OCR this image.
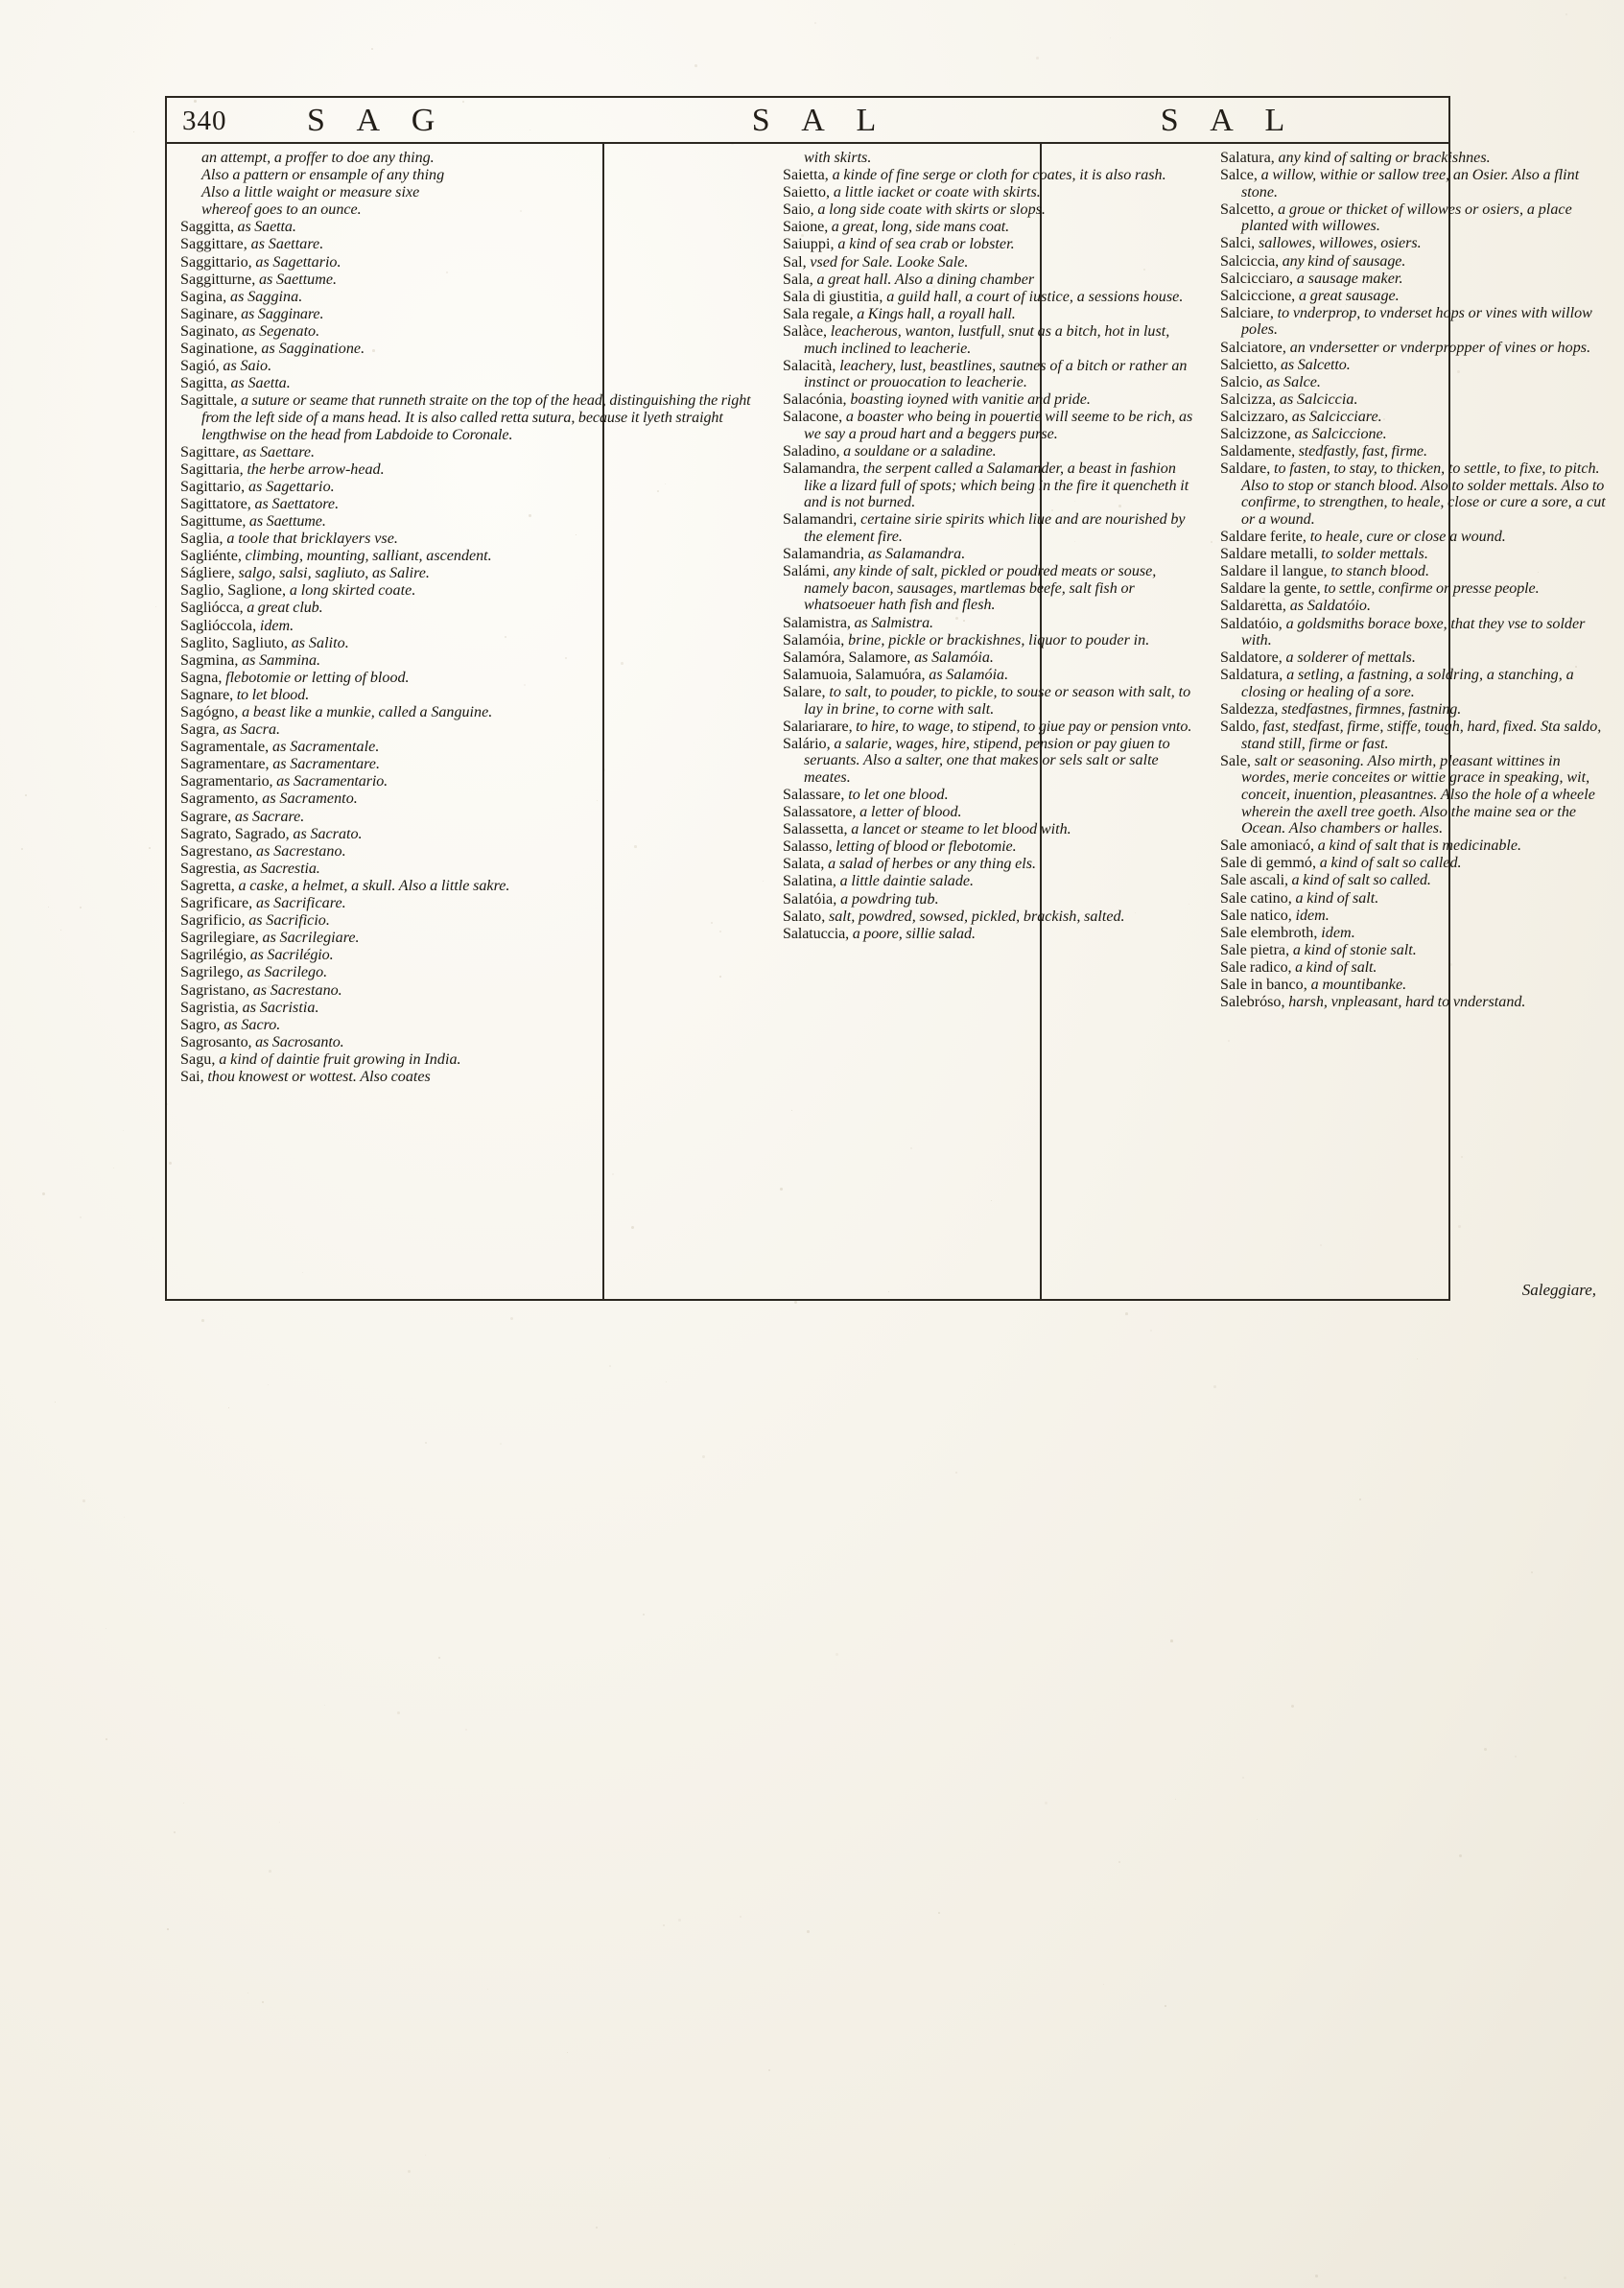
340	S A G	S A L	S A L

an attempt, a proffer to doe any thing.

Also a pattern or ensample of any thing

Also a little waight or measure sixe

whereof goes to an ounce.

Saggitta, as Saetta.

Saggittare, as Saettare.

Saggittario, as Sagettario.

Saggitturne, as Saettume.

Sagina, as Saggina.

Saginare, as Sagginare.

Saginato, as Segenato.

Saginatione, as Sagginatione.

Sagió, as Saio.

Sagitta, as Saetta.

Sagittale, a suture or seame that runneth straite on the top of the head, distinguishing the right from the left side of a mans head. It is also called retta sutura, because it lyeth straight lengthwise on the head from Labdoide to Coronale.

Sagittare, as Saettare.

Sagittaria, the herbe arrow-head.

Sagittario, as Sagettario.

Sagittatore, as Saettatore.

Sagittume, as Saettume.

Saglia, a toole that bricklayers vse.

Sagliénte, climbing, mounting, salliant, ascendent.

Ságliere, salgo, salsi, sagliuto, as Salire.

Saglio, Saglione, a long skirted coate.

Saglióccа, a great club.

Saglióccola, idem.

Saglito, Sagliuto, as Salito.

Sagmina, as Sammina.

Sagna, flebotomie or letting of blood.

Sagnare, to let blood.

Sagógno, a beast like a munkie, called a Sanguine.

Sagra, as Sacra.

Sagramentale, as Sacramentale.

Sagramentare, as Sacramentare.

Sagramentario, as Sacramentario.

Sagramento, as Sacramento.

Sagrare, as Sacrare.

Sagrato, Sagrado, as Sacrato.

Sagrestano, as Sacrestano.

Sagrestia, as Sacrestia.

Sagretta, a caske, a helmet, a skull. Also a little sakre.

Sagrificare, as Sacrificare.

Sagrificio, as Sacrificio.

Sagrilegiare, as Sacrilegiare.

Sagrilégio, as Sacrilégio.

Sagrilego, as Sacrilego.

Sagristano, as Sacrestano.

Sagristia, as Sacristia.

Sagro, as Sacro.

Sagrosanto, as Sacrosanto.

Sagu, a kind of daintie fruit growing in India.

Sai, thou knowest or wottest. Also coates

with skirts.

Saietta, a kinde of fine serge or cloth for coates, it is also rash.

Saietto, a little iacket or coate with skirts.

Saio, a long side coate with skirts or slops.

Saione, a great, long, side mans coat.

Saiuppi, a kind of sea crab or lobster.

Sal, vsed for Sale. Looke Sale.

Sala, a great hall. Also a dining chamber

Sala di giustitia, a guild hall, a court of iustice, a sessions house.

Sala regale, a Kings hall, a royall hall.

Salàce, leacherous, wanton, lustfull, snut as a bitch, hot in lust, much inclined to leacherie.

Salacità, leachery, lust, beastlines, sautnes of a bitch or rather an instinct or prouocation to leacherie.

Salacónia, boasting ioyned with vanitie and pride.

Salacone, a boaster who being in pouertie will seeme to be rich, as we say a proud hart and a beggers purse.

Saladino, a souldane or a saladine.

Salamandra, the serpent called a Salamander, a beast in fashion like a lizard full of spots; which being in the fire it quencheth it and is not burned.

Salamandri, certaine sirie spirits which liue and are nourished by the element fire.

Salamandria, as Salamandra.

Salámi, any kinde of salt, pickled or poudred meats or souse, namely bacon, sausages, martlemas beefe, salt fish or whatsoeuer hath fish and flesh.

Salamistra, as Salmistra.

Salamóia, brine, pickle or brackishnes, liquor to pouder in.

Salamóra, Salamore, as Salamóia.

Salamuoia, Salamuóra, as Salamóia.

Salare, to salt, to pouder, to pickle, to souse or season with salt, to lay in brine, to corne with salt.

Salariarare, to hire, to wage, to stipend, to giue pay or pension vnto.

Salário, a salarie, wages, hire, stipend, pension or pay giuen to seruants. Also a salter, one that makes or sels salt or salte meates.

Salassare, to let one blood.

Salassatore, a letter of blood.

Salassetta, a lancet or steame to let blood with.

Salasso, letting of blood or flebotomie.

Salata, a salad of herbes or any thing els.

Salatina, a little daintie salade.

Salatóia, a powdring tub.

Salato, salt, powdred, sowsed, pickled, brackish, salted.

Salatuccia, a poore, sillie salad.

Salatura, any kind of salting or brackishnes.

Salce, a willow, withie or sallow tree, an Osier. Also a flint stone.

Salcetto, a groue or thicket of willowes or osiers, a place planted with willowes.

Salci, sallowes, willowes, osiers.

Salciccia, any kind of sausage.

Salcicciaro, a sausage maker.

Salciccione, a great sausage.

Salciare, to vnderprop, to vnderset hops or vines with willow poles.

Salciatore, an vndersetter or vnderpropper of vines or hops.

Salcietto, as Salcetto.

Salcio, as Salce.

Salcizza, as Salciccia.

Salcizzaro, as Salcicciare.

Salcizzone, as Salciccione.

Saldamente, stedfastly, fast, firme.

Saldare, to fasten, to stay, to thicken, to settle, to fixe, to pitch. Also to stop or stanch blood. Also to solder mettals. Also to confirme, to strengthen, to heale, close or cure a sore, a cut or a wound.

Saldare ferite, to heale, cure or close a wound.

Saldare metalli, to solder mettals.

Saldare il langue, to stanch blood.

Saldare la gente, to settle, confirme or presse people.

Saldaretta, as Saldatóio.

Saldatóio, a goldsmiths borace boxe, that they vse to solder with.

Saldatore, a solderer of mettals.

Saldatura, a setling, a fastning, a soldring, a stanching, a closing or healing of a sore.

Saldezza, stedfastnes, firmnes, fastning.

Saldo, fast, stedfast, firme, stiffe, tough, hard, fixed. Sta saldo, stand still, firme or fast.

Sale, salt or seasoning. Also mirth, pleasant wittines in wordes, merie conceites or wittie grace in speaking, wit, conceit, inuention, pleasantnes. Also the hole of a wheele wherein the axell tree goeth. Also the maine sea or the Ocean. Also chambers or halles.

Sale amoniacó, a kind of salt that is medicinable.

Sale di gemmó, a kind of salt so called.

Sale ascali, a kind of salt so called.

Sale catino, a kind of salt.

Sale natico, idem.

Sale elembroth, idem.

Sale pietra, a kind of stonie salt.

Sale radico, a kind of salt.

Sale in banco, a mountibanke.

Salebróso, harsh, vnpleasant, hard to vnderstand.

Saleggiare,
